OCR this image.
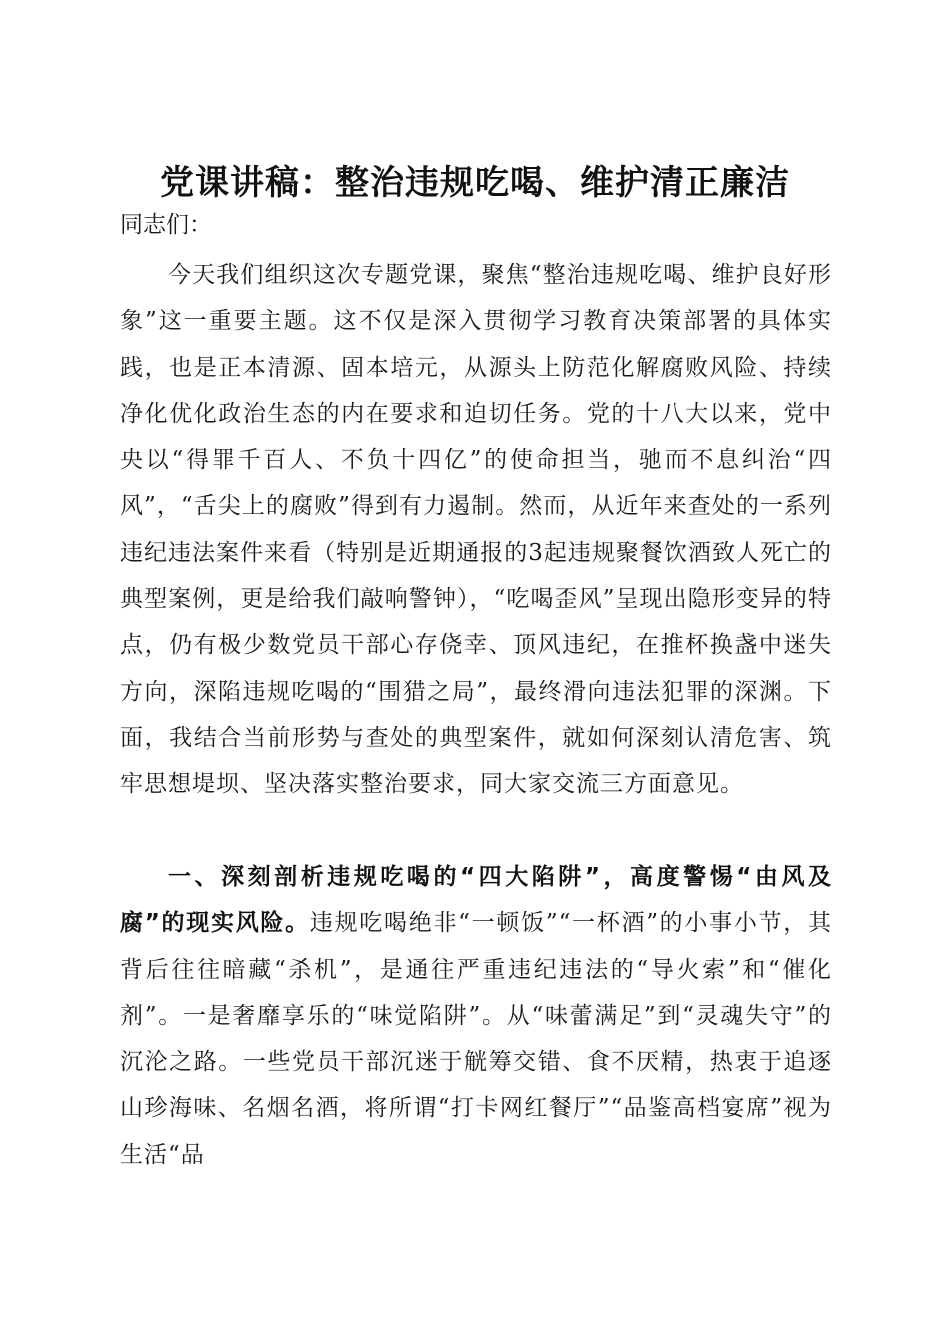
党课讲稿：整治违规吃喝、维护清正廉洁
同志们：

今天我们组织这次专题党课，聚焦“整治违规吃喝、维护良好形象”这一重要主题。这不仅是深入贯彻学习教育决策部署的具体实践，也是正本清源、固本培元，从源头上防范化解腐败风险、持续净化优化政治生态的内在要求和迫切任务。党的十八大以来，党中央以“得罪千百人、不负十四亿”的使命担当，驰而不息纠治“四风”，“舌尖上的腐败”得到有力遏制。然而，从近年来查处的一系列违纪违法案件来看（特别是近期通报的3起违规聚餐饮酒致人死亡的典型案例，更是给我们敲响警钟），“吃喝歪风”呈现出隐形变异的特点，仍有极少数党员干部心存侥幸、顶风违纪，在推杯换盏中迷失方向，深陷违规吃喝的“围猎之局”，最终滑向违法犯罪的深渊。下面，我结合当前形势与查处的典型案件，就如何深刻认清危害、筑牢思想堤坝、坚决落实整治要求，同大家交流三方面意见。

一、深刻剖析违规吃喝的“四大陷阱”，高度警惕“由风及腐”的现实风险。违规吃喝绝非“一顿饭”“一杯酒”的小事小节，其背后往往暗藏“杀机”，是通往严重违纪违法的“导火索”和“催化剂”。一是奢靡享乐的“味觉陷阱”。从“味蕾满足”到“灵魂失守”的沉沦之路。一些党员干部沉迷于觥筹交错、食不厌精，热衷于追逐山珍海味、名烟名酒，将所谓“打卡网红餐厅”“品鉴高档宴席”视为生活“品
